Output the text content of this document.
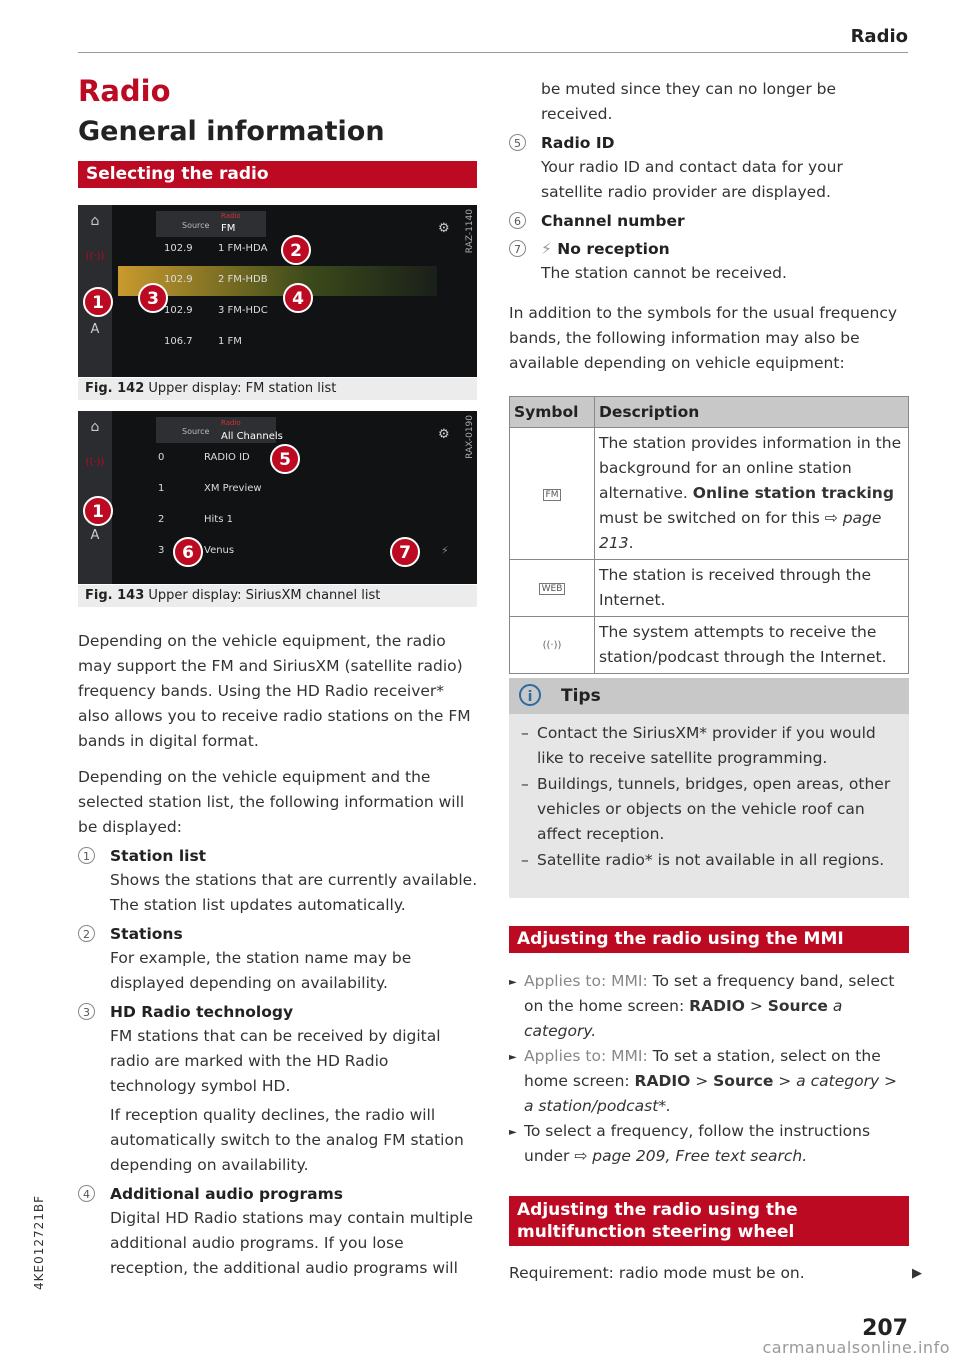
Radio
Radio
General information
Selecting the radio
⌂
((·))
A
Source
Radio
FM	⚙ RAZ-1140
102.9	1 FM-HDA
102.9	2 FM-HDB
102.9	3 FM-HDC
106.7	1 FM
1
2
3	4
Fig. 142 Upper display: FM station list
⌂
((·))
A
Source
Radio
All Channels	⚙ RAX-0190
0	RADIO ID
1	XM Preview
2	Hits 1
3	Venus
5
1
6	7	⚡
Fig. 143 Upper display: SiriusXM channel list

Depending on the vehicle equipment, the radio may support the FM and SiriusXM (satellite radio) frequency bands. Using the HD Radio receiver* also allows you to receive radio stations on the FM bands in digital format.

Depending on the vehicle equipment and the selected station list, the following information will be displayed:

1	Station list
Shows the stations that are currently available. The station list updates automatically.
2	Stations
For example, the station name may be displayed depending on availability.
3	HD Radio technology
FM stations that can be received by digital radio are marked with the HD Radio technology symbol HD.
If reception quality declines, the radio will automatically switch to the analog FM station depending on availability.
4	Additional audio programs
Digital HD Radio stations may contain multiple additional audio programs. If you lose reception, the additional audio programs will
be muted since they can no longer be received.
5	Radio ID
Your radio ID and contact data for your satellite radio provider are displayed.
6	Channel number
7	⚡ No reception
The station cannot be received.

In addition to the symbols for the usual frequency bands, the following information may also be available depending on vehicle equipment:

Symbol	Description
FM	The station provides information in the background for an online station alternative. Online station tracking must be switched on for this ⇨ page 213.
WEB	The station is received through the Internet.
((·))	The system attempts to receive the station/podcast through the Internet.
i	Tips
– Contact the SiriusXM* provider if you would like to receive satellite programming.
– Buildings, tunnels, bridges, open areas, other vehicles or objects on the vehicle roof can affect reception.
– Satellite radio* is not available in all regions.
Adjusting the radio using the MMI
► Applies to: MMI: To set a frequency band, select on the home screen: RADIO > Source a category.
► Applies to: MMI: To set a station, select on the home screen: RADIO > Source > a category > a station/podcast*.
► To select a frequency, follow the instructions under ⇨ page 209, Free text search.
Adjusting the radio using the multifunction steering wheel

Requirement: radio mode must be on.	▶
4KE012721BF
207
carmanualsonline.info
